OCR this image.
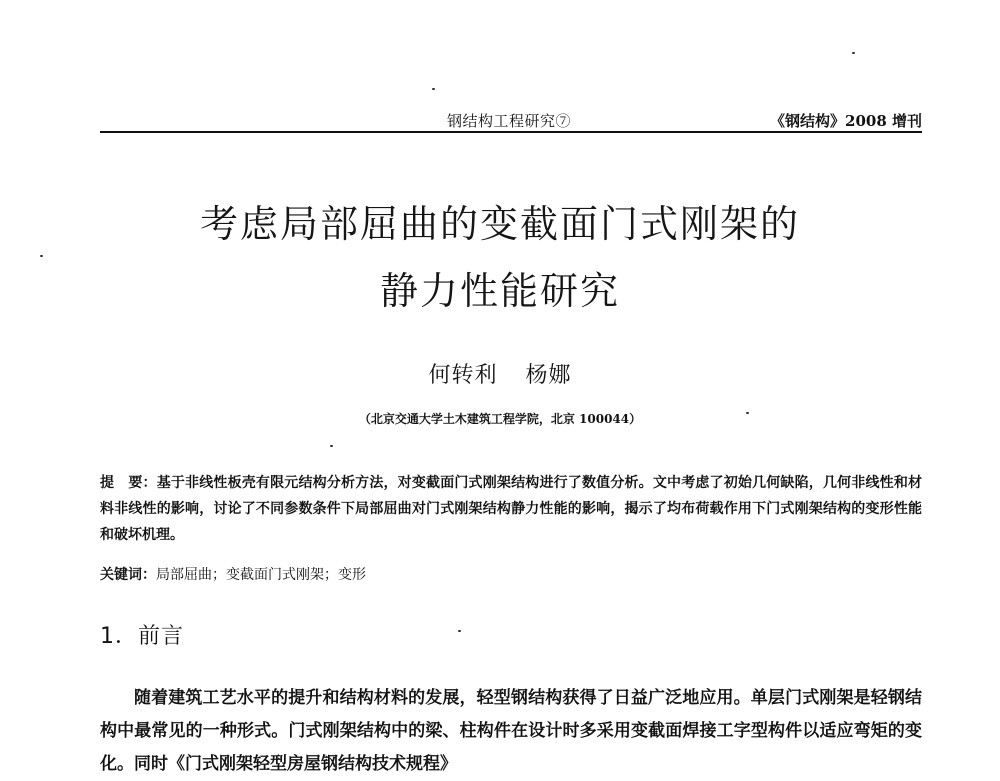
钢结构工程研究⑦	《钢结构》2008 增刊
考虑局部屈曲的变截面门式刚架的
静力性能研究
何转利 杨娜
（北京交通大学土木建筑工程学院，北京 100044）
提　要：基于非线性板壳有限元结构分析方法，对变截面门式刚架结构进行了数值分析。文中考虑了初始几何缺陷，几何非线性和材料非线性的影响，讨论了不同参数条件下局部屈曲对门式刚架结构静力性能的影响，揭示了均布荷载作用下门式刚架结构的变形性能和破坏机理。
关键词：局部屈曲；变截面门式刚架；变形
1．前言
随着建筑工艺水平的提升和结构材料的发展，轻型钢结构获得了日益广泛地应用。单层门式刚架是轻钢结构中最常见的一种形式。门式刚架结构中的梁、柱构件在设计时多采用变截面焊接工字型构件以适应弯矩的变化。同时《门式刚架轻型房屋钢结构技术规程》
